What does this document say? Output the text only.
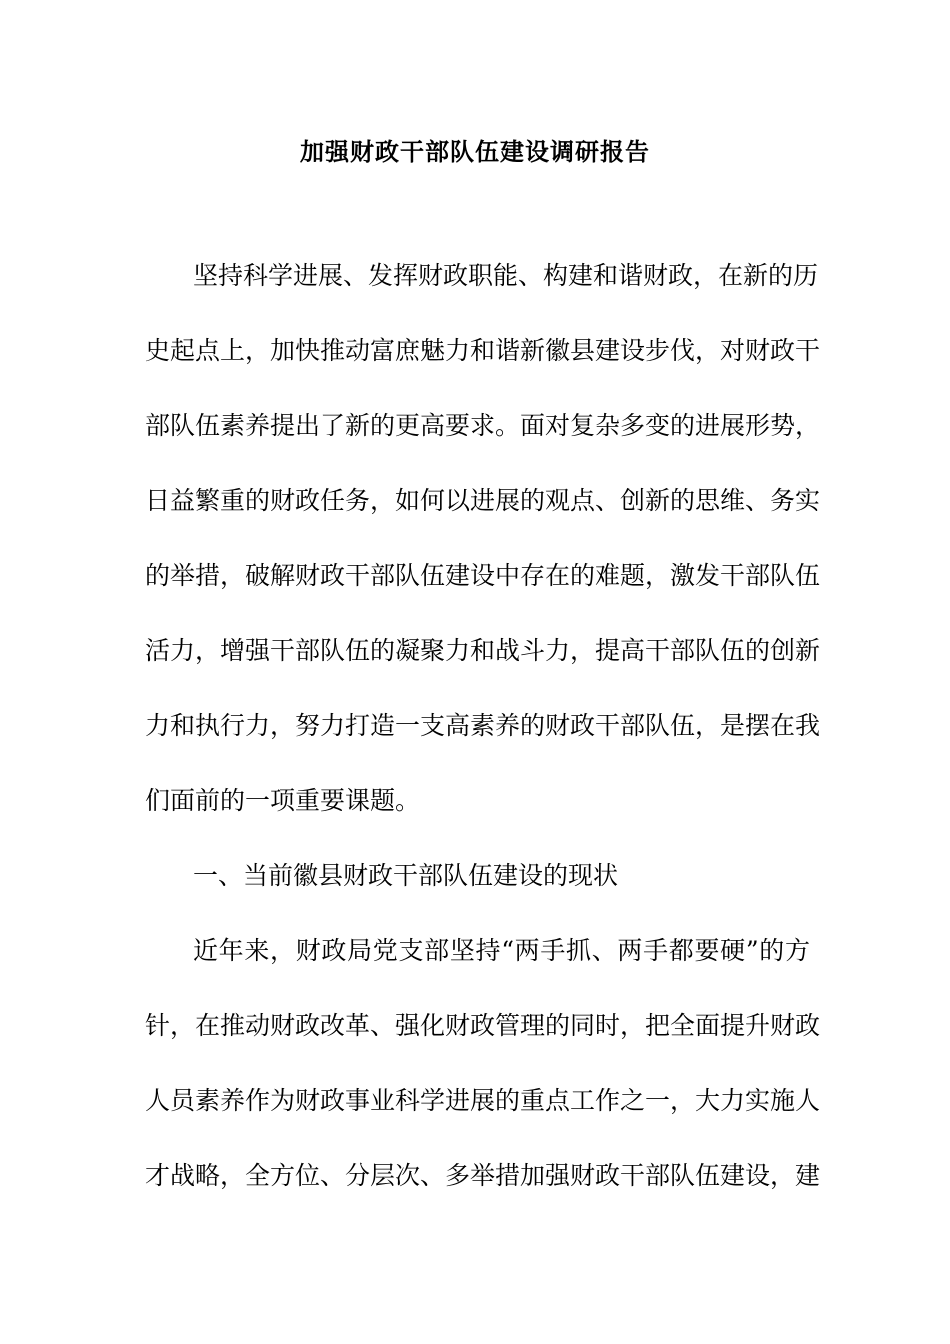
加强财政干部队伍建设调研报告
坚持科学进展、发挥财政职能、构建和谐财政，在新的历
史起点上，加快推动富庶魅力和谐新徽县建设步伐，对财政干
部队伍素养提出了新的更高要求。面对复杂多变的进展形势，
日益繁重的财政任务，如何以进展的观点、创新的思维、务实
的举措，破解财政干部队伍建设中存在的难题，激发干部队伍
活力，增强干部队伍的凝聚力和战斗力，提高干部队伍的创新
力和执行力，努力打造一支高素养的财政干部队伍，是摆在我
们面前的一项重要课题。
一、当前徽县财政干部队伍建设的现状
近年来，财政局党支部坚持“两手抓、两手都要硬”的方
针，在推动财政改革、强化财政管理的同时，把全面提升财政
人员素养作为财政事业科学进展的重点工作之一，大力实施人
才战略，全方位、分层次、多举措加强财政干部队伍建设，建
